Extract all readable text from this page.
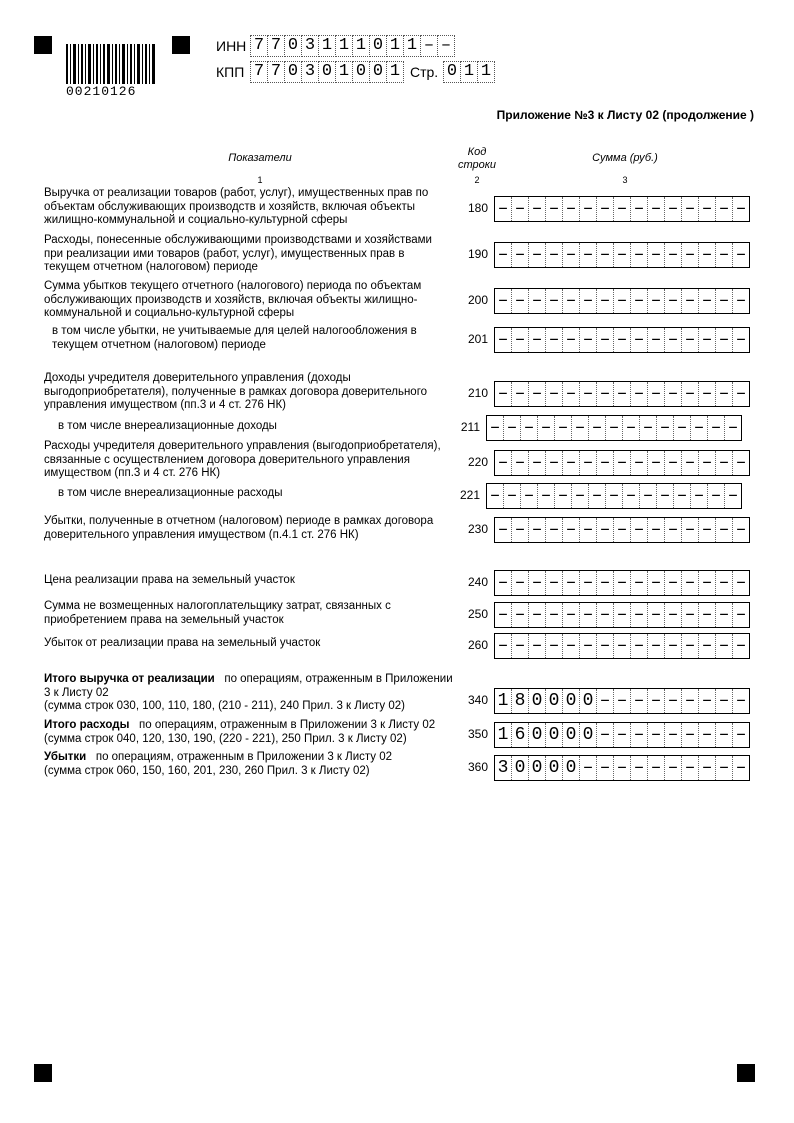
00210126
ИНН 7 7 0 3 1 1 1 0 1 1 – –
КПП 7 7 0 3 0 1 0 0 1 Стр. 0 1 1
Приложение №3 к Листу 02 (продолжение )
Показатели	Код строки
Сумма (руб.)
1	2	3
Выручка от реализации товаров (работ, услуг), имущественных прав по объектам обслуживающих производств и хозяйств, включая объекты жилищно-коммунальной и социально-культурной сферы
180 – – – – – – – – – – – – – – –
Расходы, понесенные обслуживающими производствами и хозяйствами при реализации ими товаров (работ, услуг), имущественных прав в текущем отчетном (налоговом) периоде
190 – – – – – – – – – – – – – – –
Сумма убытков текущего отчетного (налогового) периода по объектам обслуживающих производств и хозяйств, включая объекты жилищно-коммунальной и социально-культурной сферы
200 – – – – – – – – – – – – – – –
в том числе убытки, не учитываемые для целей налогообложения в текущем отчетном (налоговом) периоде	201 – – – – – – – – – – – – – – –
Доходы учредителя доверительного управления (доходы выгодоприобретателя), полученные в рамках договора доверительного управления имуществом (пп.3 и 4 ст. 276 НК)
210 – – – – – – – – – – – – – – –
в том числе внереализационные доходы	211 – – – – – – – – – – – – – – –
Расходы учредителя доверительного управления (выгодоприобретателя), связанные с осуществлением договора доверительного управления имуществом (пп.3 и 4 ст. 276 НК)
220 – – – – – – – – – – – – – – –
в том числе внереализационные расходы	221 – – – – – – – – – – – – – – –
Убытки, полученные в отчетном (налоговом) периоде в рамках договора доверительного управления имуществом (п.4.1 ст. 276 НК)	230 – – – – – – – – – – – – – – –
Цена реализации права на земельный участок	240 – – – – – – – – – – – – – – –
Сумма не возмещенных налогоплательщику затрат, связанных с приобретением права на земельный участок	250 – – – – – – – – – – – – – – –
Убыток от реализации права на земельный участок	260 – – – – – – – – – – – – – – –
Итого выручка от реализации по операциям, отраженным в Приложении 3 к Листу 02
(сумма строк 030, 100, 110, 180, (210 - 211), 240 Прил. 3 к Листу 02)	340 1 8 0 0 0 0 – – – – – – – – –
Итого расходы по операциям, отраженным в Приложении 3 к Листу 02
(сумма строк 040, 120, 130, 190, (220 - 221), 250 Прил. 3 к Листу 02)	350 1 6 0 0 0 0 – – – – – – – – –
Убытки по операциям, отраженным в Приложении 3 к Листу 02
(сумма строк 060, 150, 160, 201, 230, 260 Прил. 3 к Листу 02)	360 3 0 0 0 0 – – – – – – – – – –
